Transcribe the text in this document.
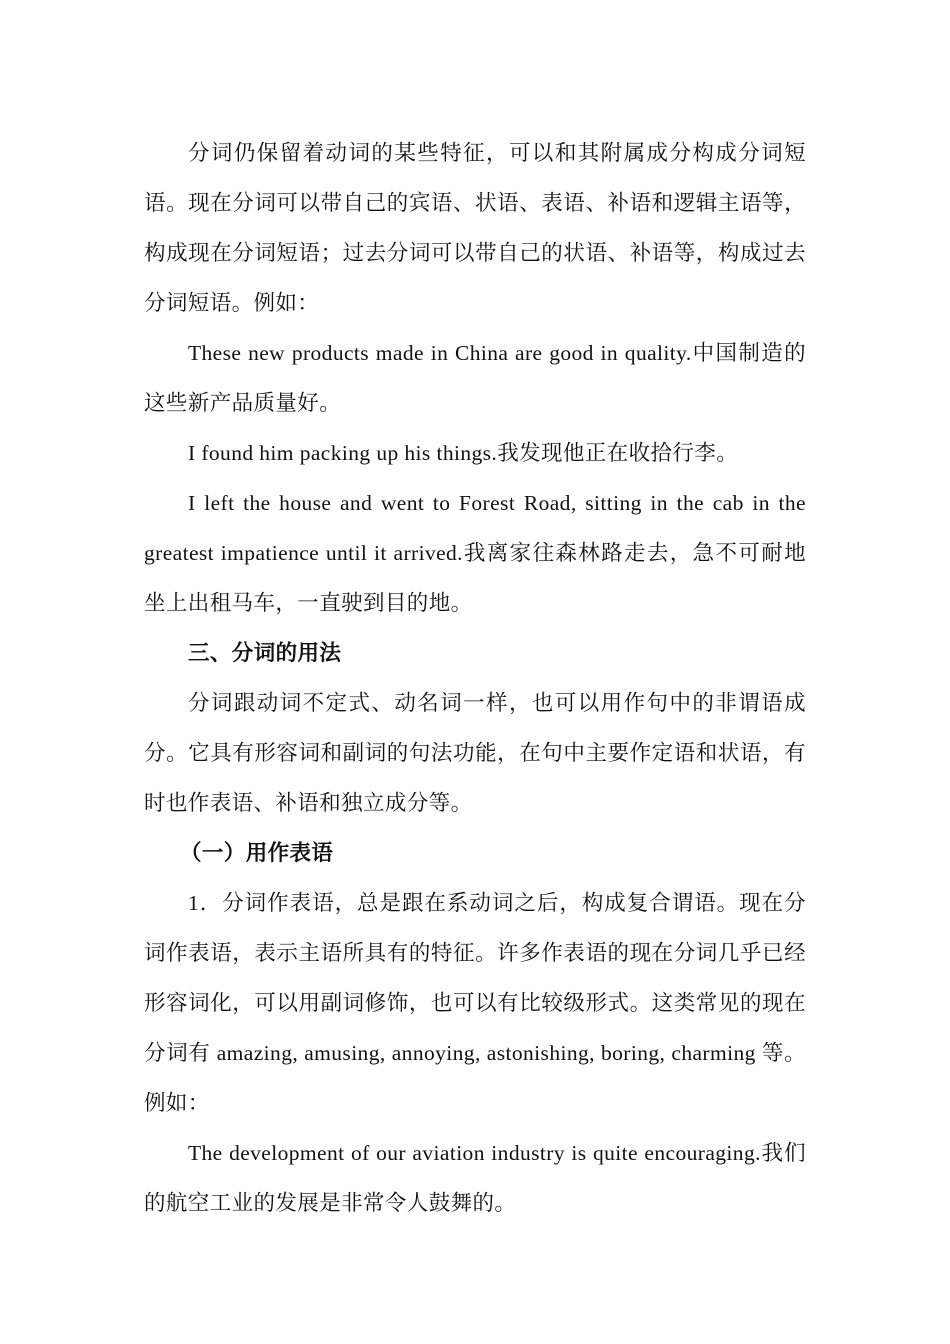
分词仍保留着动词的某些特征，可以和其附属成分构成分词短语。现在分词可以带自己的宾语、状语、表语、补语和逻辑主语等，构成现在分词短语；过去分词可以带自己的状语、补语等，构成过去分词短语。例如：

These new products made in China are good in quality.中国制造的这些新产品质量好。

I found him packing up his things.我发现他正在收拾行李。

I left the house and went to Forest Road, sitting in the cab in the greatest impatience until it arrived.我离家往森林路走去，急不可耐地坐上出租马车，一直驶到目的地。

三、分词的用法

分词跟动词不定式、动名词一样，也可以用作句中的非谓语成分。它具有形容词和副词的句法功能，在句中主要作定语和状语，有时也作表语、补语和独立成分等。

（一）用作表语

1．分词作表语，总是跟在系动词之后，构成复合谓语。现在分词作表语，表示主语所具有的特征。许多作表语的现在分词几乎已经形容词化，可以用副词修饰，也可以有比较级形式。这类常见的现在分词有 amazing, amusing, annoying, astonishing, boring, charming 等。例如：

The development of our aviation industry is quite encouraging.我们的航空工业的发展是非常令人鼓舞的。
